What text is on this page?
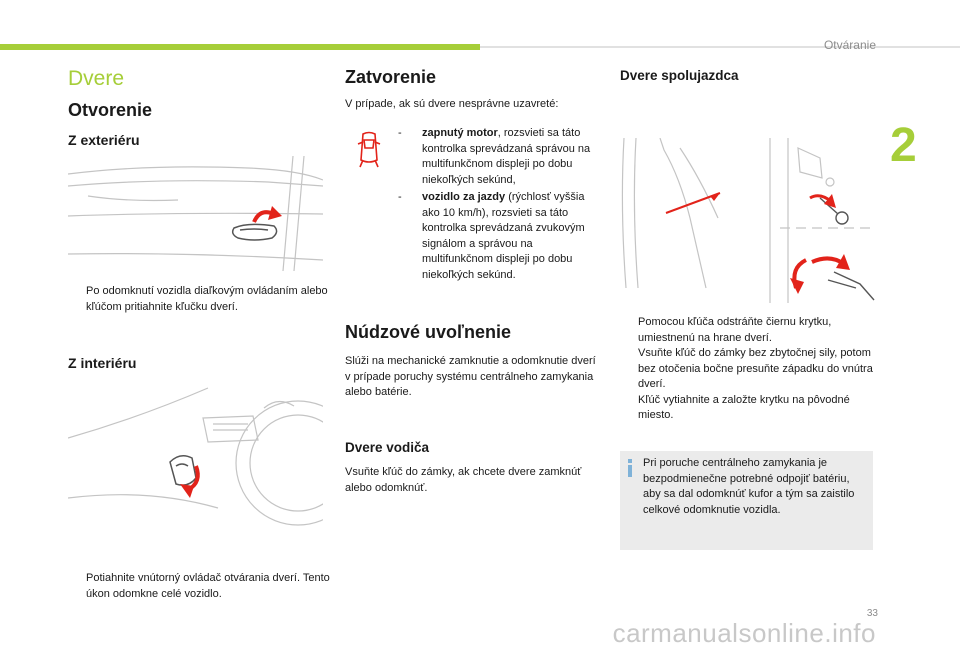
Otváranie
2
Dvere
Otvorenie
Z exteriéru
Po odomknutí vozidla diaľkovým ovládaním alebo kľúčom pritiahnite kľučku dverí.
Z interiéru
Potiahnite vnútorný ovládač otvárania dverí. Tento úkon odomkne celé vozidlo.
Zatvorenie
V prípade, ak sú dvere nesprávne uzavreté:
- zapnutý motor, rozsvieti sa táto kontrolka sprevádzaná správou na multifunkčnom displeji po dobu niekoľkých sekúnd,
- vozidlo za jazdy (rýchlosť vyššia ako 10 km/h), rozsvieti sa táto kontrolka sprevádzaná zvukovým signálom a správou na multifunkčnom displeji po dobu niekoľkých sekúnd.
Núdzové uvoľnenie
Slúži na mechanické zamknutie a odomknutie dverí v prípade poruchy systému centrálneho zamykania alebo batérie.
Dvere vodiča
Vsuňte kľúč do zámky, ak chcete dvere zamknúť alebo odomknúť.
Dvere spolujazdca
Pomocou kľúča odstráňte čiernu krytku, umiestnenú na hrane dverí.
Vsuňte kľúč do zámky bez zbytočnej sily, potom bez otočenia bočne presuňte západku do vnútra dverí.
Kľúč vytiahnite a založte krytku na pôvodné miesto.
Pri poruche centrálneho zamykania je bezpodmienečne potrebné odpojiť batériu, aby sa dal odomknúť kufor a tým sa zaistilo celkové odomknutie vozidla.
33
carmanualsonline.info
